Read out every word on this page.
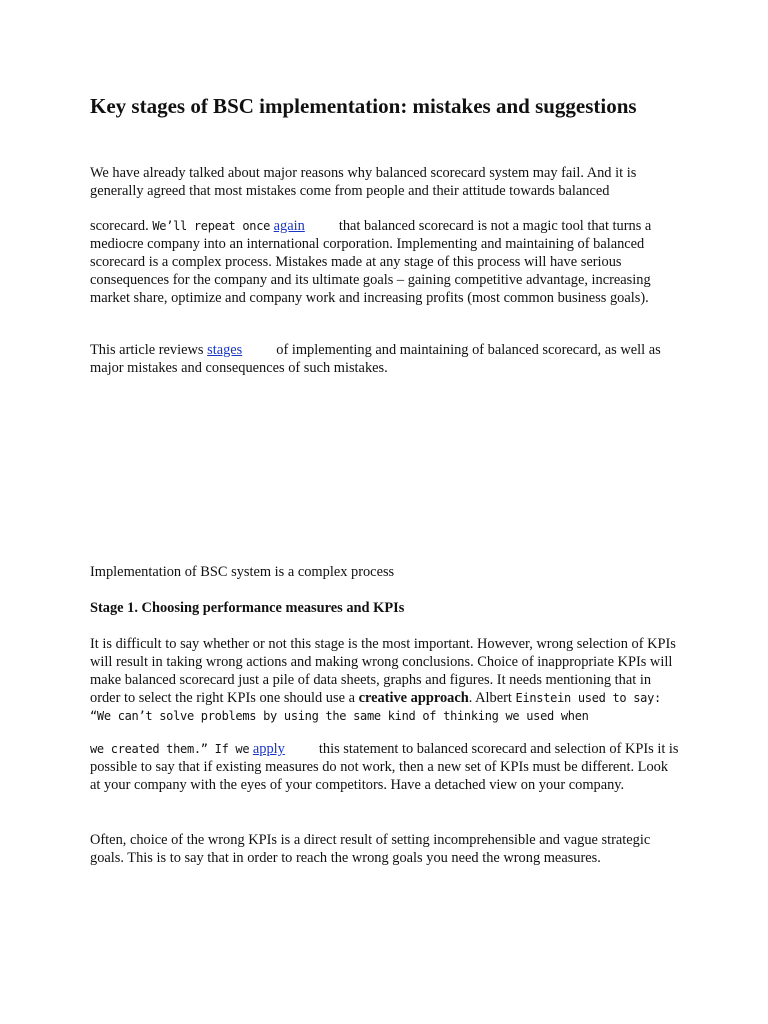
Key stages of BSC implementation: mistakes and suggestions

We have already talked about major reasons why balanced scorecard system may fail. And it is generally agreed that most mistakes come from people and their attitude towards balanced

scorecard. We’ll repeat once again that balanced scorecard is not a magic tool that turns a mediocre company into an international corporation. Implementing and maintaining of balanced scorecard is a complex process. Mistakes made at any stage of this process will have serious consequences for the company and its ultimate goals – gaining competitive advantage, increasing market share, optimize and company work and increasing profits (most common business goals).

This article reviews stages of implementing and maintaining of balanced scorecard, as well as major mistakes and consequences of such mistakes.

Implementation of BSC system is a complex process

Stage 1. Choosing performance measures and KPIs

It is difficult to say whether or not this stage is the most important. However, wrong selection of KPIs will result in taking wrong actions and making wrong conclusions. Choice of inappropriate KPIs will make balanced scorecard just a pile of data sheets, graphs and figures. It needs mentioning that in order to select the right KPIs one should use a creative approach. Albert Einstein used to say: “We can’t solve problems by using the same kind of thinking we used when

we created them.” If we apply this statement to balanced scorecard and selection of KPIs it is possible to say that if existing measures do not work, then a new set of KPIs must be different. Look at your company with the eyes of your competitors. Have a detached view on your company.

Often, choice of the wrong KPIs is a direct result of setting incomprehensible and vague strategic goals. This is to say that in order to reach the wrong goals you need the wrong measures.
